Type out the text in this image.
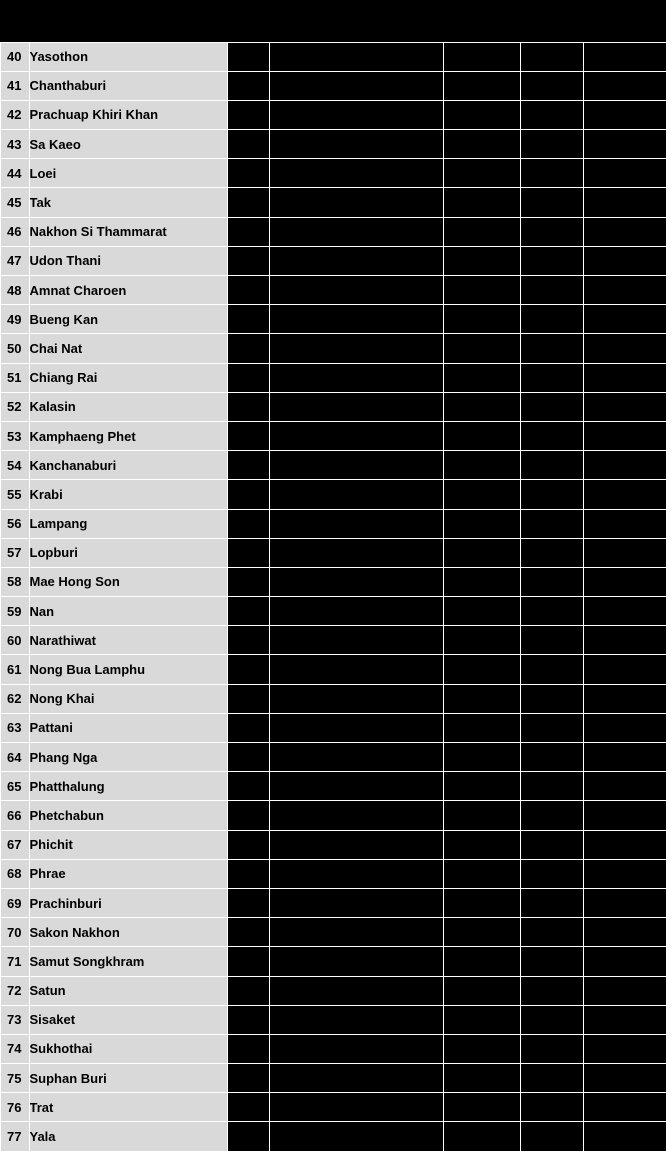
40	Yasothon					
41	Chanthaburi					
42	Prachuap Khiri Khan					
43	Sa Kaeo					
44	Loei					
45	Tak					
46	Nakhon Si Thammarat					
47	Udon Thani					
48	Amnat Charoen					
49	Bueng Kan					
50	Chai Nat					
51	Chiang Rai					
52	Kalasin					
53	Kamphaeng Phet					
54	Kanchanaburi					
55	Krabi					
56	Lampang					
57	Lopburi					
58	Mae Hong Son					
59	Nan					
60	Narathiwat					
61	Nong Bua Lamphu					
62	Nong Khai					
63	Pattani					
64	Phang Nga					
65	Phatthalung					
66	Phetchabun					
67	Phichit					
68	Phrae					
69	Prachinburi					
70	Sakon Nakhon					
71	Samut Songkhram					
72	Satun					
73	Sisaket					
74	Sukhothai					
75	Suphan Buri					
76	Trat					
77	Yala					
